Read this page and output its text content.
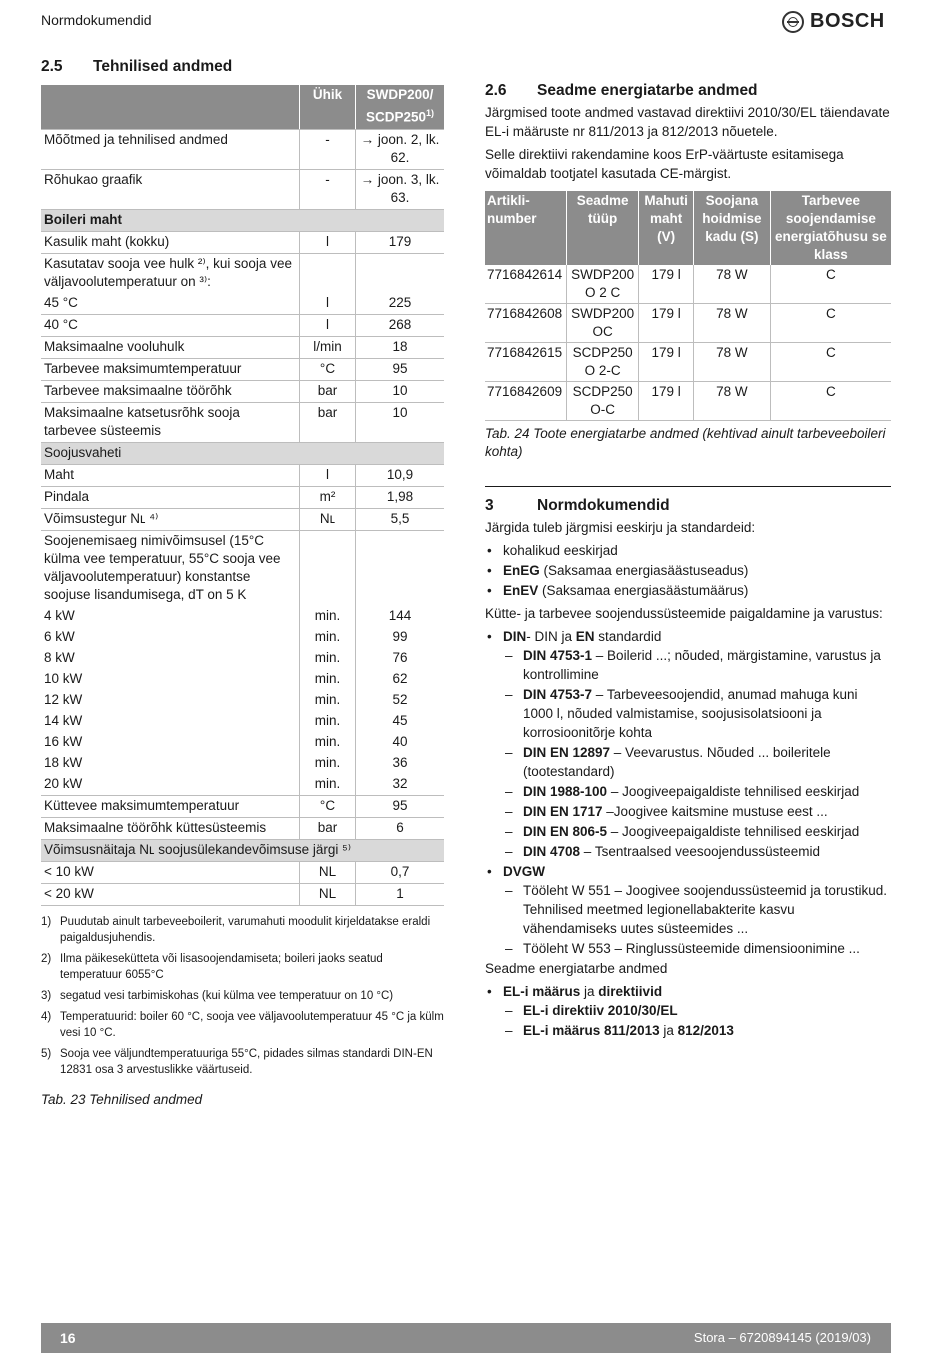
Normdokumendid	BOSCH
2.5	Tehnilised andmed
	Ühik	SWDP200/
SCDP250$^{1)}$
Mõõtmed ja tehnilised andmed	-	→ joon. 2, lk. 62.
Rõhukao graafik	-	→ joon. 3, lk. 63.
Boileri maht		
Kasulik maht (kokku)	l	179
Kasutatav sooja vee hulk ²⁾, kui sooja vee väljavoolutemperatuur on ³⁾:		
45 °C	l	225
40 °C	l	268
Maksimaalne vooluhulk	l/min	18
Tarbevee maksimumtemperatuur	°C	95
Tarbevee maksimaalne töörõhk	bar	10
Maksimaalne katsetusrõhk sooja tarbevee süsteemis	bar	10
Soojusvaheti		
Maht	l	10,9
Pindala	m²	1,98
Võimsustegur Nʟ ⁴⁾	Nʟ	5,5
Soojenemisaeg nimivõimsusel (15°C külma vee temperatuur, 55°C sooja vee väljavoolutemperatuur) konstantse soojuse lisandumisega, dT on 5 K		
4 kW	min.	144
6 kW	min.	99
8 kW	min.	76
10 kW	min.	62
12 kW	min.	52
14 kW	min.	45
16 kW	min.	40
18 kW	min.	36
20 kW	min.	32
Küttevee maksimumtemperatuur	°C	95
Maksimaalne töörõhk küttesüsteemis	bar	6
Võimsusnäitaja Nʟ soojusülekandevõimsuse järgi ⁵⁾		
< 10 kW	NL	0,7
< 20 kW	NL	1
1) Puudutab ainult tarbeveeboilerit, varumahuti moodulit kirjeldatakse eraldi paigaldusjuhendis.
2) Ilma päikesekütteta või lisasoojendamiseta; boileri jaoks seatud temperatuur 6055°C
3) segatud vesi tarbimiskohas (kui külma vee temperatuur on 10 °C)
4) Temperatuurid: boiler 60 °C, sooja vee väljavoolutemperatuur 45 °C ja külm vesi 10 °C.
5) Sooja vee väljundtemperatuuriga 55°C, pidades silmas standardi DIN-EN 12831 osa 3 arvestuslikke väärtuseid.
Tab. 23 Tehnilised andmed
2.6	Seadme energiatarbe andmed

Järgmised toote andmed vastavad direktiivi 2010/30/EL täiendavate EL-i määruste nr 811/2013 ja 812/2013 nõuetele.

Selle direktiivi rakendamine koos ErP-väärtuste esitamisega võimaldab tootjatel kasutada CE-märgist.

Artikli-number	Seadme tüüp	Mahuti maht (V)	Soojana hoidmise kadu (S)	Tarbevee soojendamise energiatõhusu se klass
7716842614	SWDP200 O 2 C	179 l	78 W	C
7716842608	SWDP200 OC	179 l	78 W	C
7716842615	SCDP250 O 2-C	179 l	78 W	C
7716842609	SCDP250 O-C	179 l	78 W	C
Tab. 24 Toote energiatarbe andmed (kehtivad ainult tarbeveeboileri kohta)
3	Normdokumendid

Järgida tuleb järgmisi eeskirju ja standardeid:

• kohalikud eeskirjad
• EnEG (Saksamaa energiasäästuseadus)
• EnEV (Saksamaa energiasäästumäärus)

Kütte- ja tarbevee soojendussüsteemide paigaldamine ja varustus:

• DIN- DIN ja EN standardid
– DIN 4753-1 – Boilerid ...; nõuded, märgistamine, varustus ja kontrollimine
– DIN 4753-7 – Tarbeveesoojendid, anumad mahuga kuni 1000 l, nõuded valmistamise, soojusisolatsiooni ja korrosioonitõrje kohta
– DIN EN 12897 – Veevarustus. Nõuded ... boileritele (tootestandard)
– DIN 1988-100 – Joogiveepaigaldiste tehnilised eeskirjad
– DIN EN 1717 –Joogivee kaitsmine mustuse eest ...
– DIN EN 806-5 – Joogiveepaigaldiste tehnilised eeskirjad
– DIN 4708 – Tsentraalsed veesoojendussüsteemid
• DVGW
– Tööleht W 551 – Joogivee soojendussüsteemid ja torustikud. Tehnilised meetmed legionellabakterite kasvu vähendamiseks uutes süsteemides ...
– Tööleht W 553 – Ringlussüsteemide dimensioonimine ...

Seadme energiatarbe andmed

• EL-i määrus ja direktiivid
– EL-i direktiiv 2010/30/EL
– EL-i määrus 811/2013 ja 812/2013
16	Stora – 6720894145 (2019/03)
